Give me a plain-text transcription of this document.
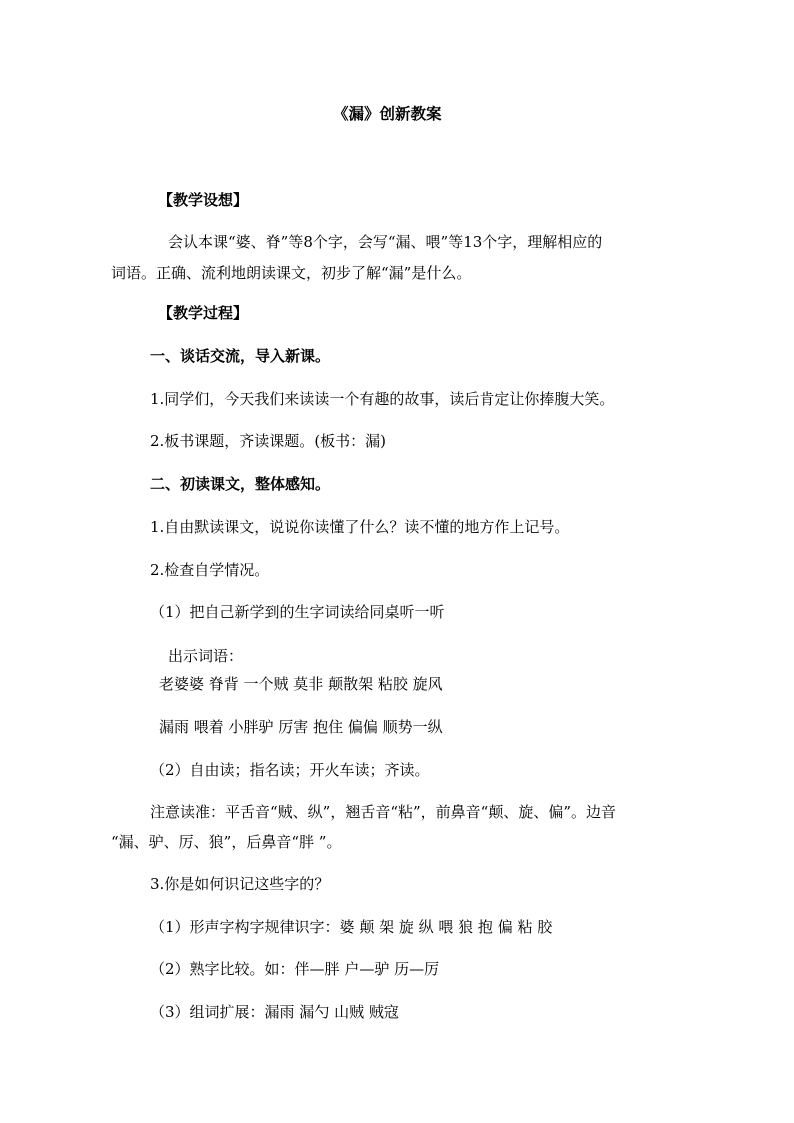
《漏》创新教案
【教学设想】
会认本课“婆、脊”等8个字，会写“漏、喂”等13个字，理解相应的
词语。正确、流利地朗读课文，初步了解“漏”是什么。
【教学过程】
一、谈话交流，导入新课。
1.同学们，今天我们来读读一个有趣的故事，读后肯定让你捧腹大笑。
2.板书课题，齐读课题。(板书：漏)
二、初读课文，整体感知。
1.自由默读课文，说说你读懂了什么？读不懂的地方作上记号。
2.检查自学情况。
（1）把自己新学到的生字词读给同桌听一听
出示词语：
老婆婆 脊背 一个贼 莫非 颠散架 粘胶 旋风
漏雨 喂着 小胖驴 厉害 抱住 偏偏 顺势一纵
（2）自由读；指名读；开火车读；齐读。
注意读准：平舌音“贼、纵”，翘舌音“粘”，前鼻音“颠、旋、偏”。边音
“漏、驴、厉、狼”，后鼻音“胖 ”。
3.你是如何识记这些字的？
（1）形声字构字规律识字：婆 颠 架 旋 纵 喂 狼 抱 偏 粘 胶
（2）熟字比较。如：伴—胖 户—驴 历—厉
（3）组词扩展：漏雨 漏勺 山贼 贼寇
